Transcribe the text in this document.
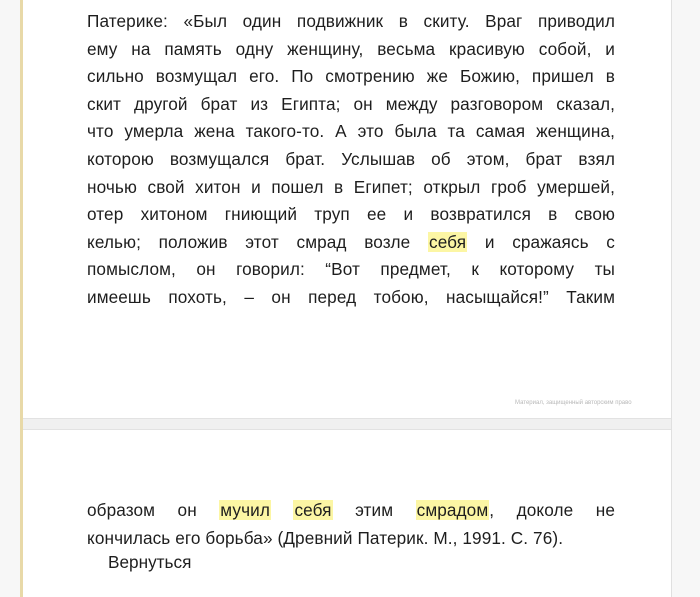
Патерике: «Был один подвижник в скиту. Враг приводил
ему на память одну женщину, весьма красивую собой, и
сильно возмущал его. По смотрению же Божию, пришел в
скит другой брат из Египта; он между разговором сказал,
что умерла жена такого-то. А это была та самая женщина,
которою возмущался брат. Услышав об этом, брат взял
ночью свой хитон и пошел в Египет; открыл гроб умершей,
отер хитоном гниющий труп ее и возвратился в свою
келью; положив этот смрад возле себя и сражаясь с
помыслом, он говорил: “Вот предмет, к которому ты
имеешь похоть, – он перед тобою, насыщайся!” Таким
Материал, защищенный авторским право
образом он мучил себя этим смрадом, доколе не
кончилась его борьба» (Древний Патерик. М., 1991. С. 76).
Вернуться
